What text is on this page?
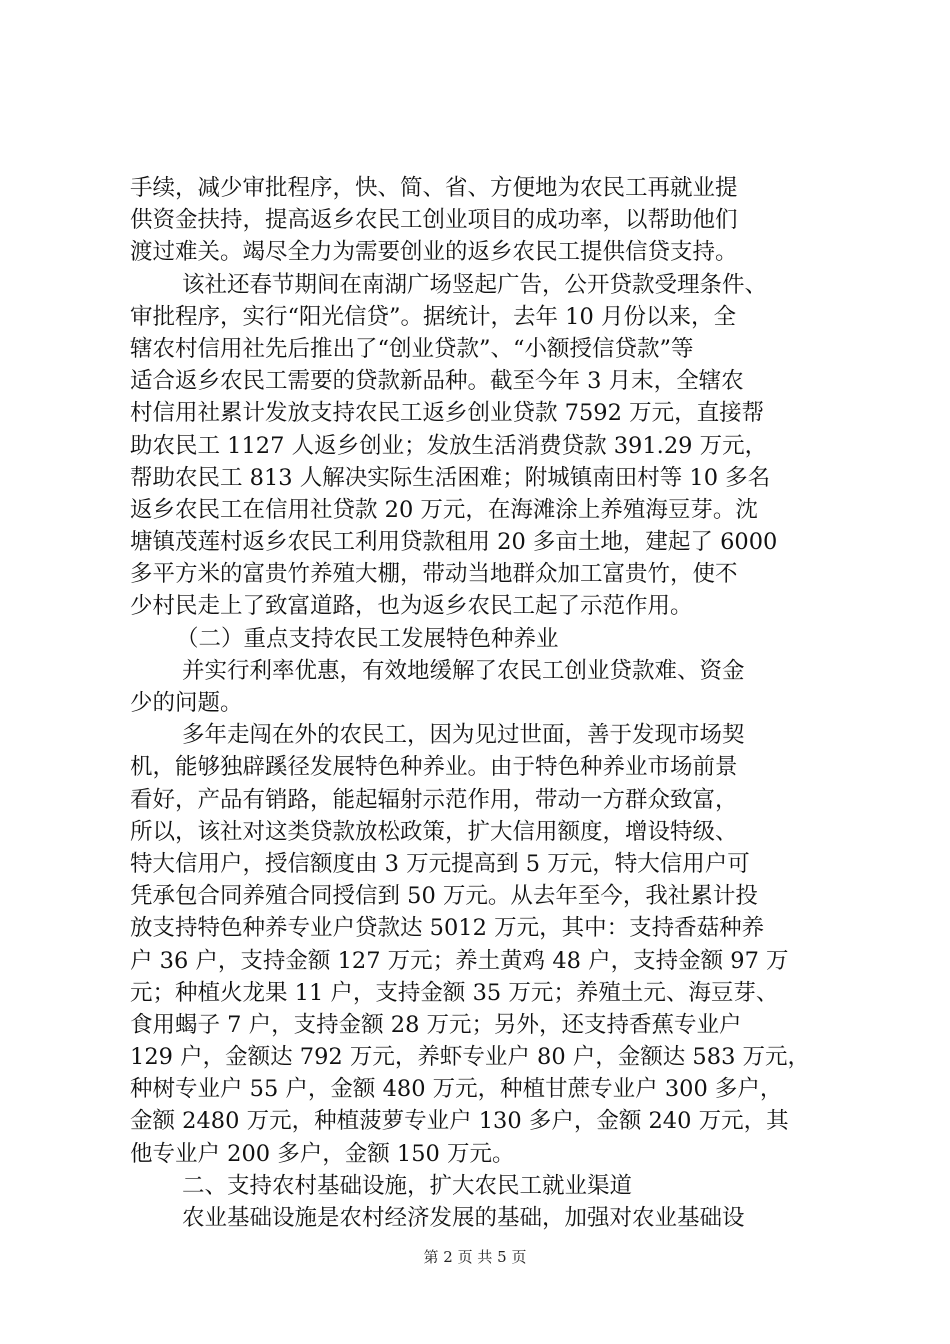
手续，减少审批程序，快、简、省、方便地为农民工再就业提
供资金扶持，提高返乡农民工创业项目的成功率，以帮助他们
渡过难关。竭尽全力为需要创业的返乡农民工提供信贷支持。
该社还春节期间在南湖广场竖起广告，公开贷款受理条件、
审批程序，实行“阳光信贷”。据统计，去年 10 月份以来，全
辖农村信用社先后推出了“创业贷款”、“小额授信贷款”等
适合返乡农民工需要的贷款新品种。截至今年 3 月末，全辖农
村信用社累计发放支持农民工返乡创业贷款 7592 万元，直接帮
助农民工 1127 人返乡创业；发放生活消费贷款 391.29 万元，
帮助农民工 813 人解决实际生活困难；附城镇南田村等 10 多名
返乡农民工在信用社贷款 20 万元，在海滩涂上养殖海豆芽。沈
塘镇茂莲村返乡农民工利用贷款租用 20 多亩土地，建起了 6000
多平方米的富贵竹养殖大棚，带动当地群众加工富贵竹，使不
少村民走上了致富道路，也为返乡农民工起了示范作用。
（二）重点支持农民工发展特色种养业
并实行利率优惠，有效地缓解了农民工创业贷款难、资金
少的问题。
多年走闯在外的农民工，因为见过世面，善于发现市场契
机，能够独辟蹊径发展特色种养业。由于特色种养业市场前景
看好，产品有销路，能起辐射示范作用，带动一方群众致富，
所以，该社对这类贷款放松政策，扩大信用额度，增设特级、
特大信用户，授信额度由 3 万元提高到 5 万元，特大信用户可
凭承包合同养殖合同授信到 50 万元。从去年至今，我社累计投
放支持特色种养专业户贷款达 5012 万元，其中：支持香菇种养
户 36 户，支持金额 127 万元；养土黄鸡 48 户，支持金额 97 万
元；种植火龙果 11 户，支持金额 35 万元；养殖土元、海豆芽、
食用蝎子 7 户，支持金额 28 万元；另外，还支持香蕉专业户
129 户，金额达 792 万元，养虾专业户 80 户，金额达 583 万元，
种树专业户 55 户，金额 480 万元，种植甘蔗专业户 300 多户，
金额 2480 万元，种植菠萝专业户 130 多户，金额 240 万元，其
他专业户 200 多户，金额 150 万元。
二、支持农村基础设施，扩大农民工就业渠道
农业基础设施是农村经济发展的基础，加强对农业基础设
第 2 页 共 5 页
